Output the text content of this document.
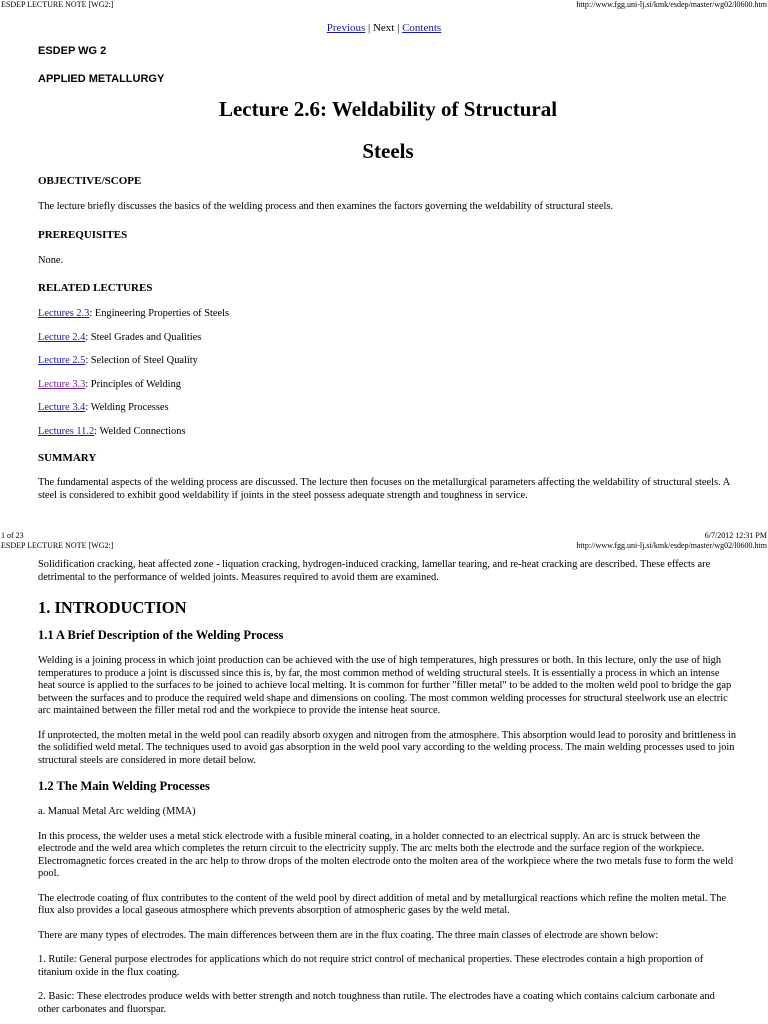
ESDEP LECTURE NOTE [WG2:]	http://www.fgg.uni-lj.si/kmk/esdep/master/wg02/l0600.htm
Previous | Next | Contents
ESDEP WG 2
APPLIED METALLURGY
Lecture 2.6: Weldability of Structural
Steels
OBJECTIVE/SCOPE

The lecture briefly discusses the basics of the welding process and then examines the factors governing the weldability of structural steels.

PREREQUISITES

None.

RELATED LECTURES
Lectures 2.3: Engineering Properties of Steels
Lecture 2.4: Steel Grades and Qualities
Lecture 2.5: Selection of Steel Quality
Lecture 3.3: Principles of Welding
Lecture 3.4: Welding Processes
Lectures 11.2: Welded Connections
SUMMARY

The fundamental aspects of the welding process are discussed. The lecture then focuses on the metallurgical parameters affecting the weldability of structural steels. A steel is considered to exhibit good weldability if joints in the steel possess adequate strength and toughness in service.

1 of 23	6/7/2012 12:31 PM
ESDEP LECTURE NOTE [WG2:]	http://www.fgg.uni-lj.si/kmk/esdep/master/wg02/l0600.htm

Solidification cracking, heat affected zone - liquation cracking, hydrogen-induced cracking, lamellar tearing, and re-heat cracking are described. These effects are detrimental to the performance of welded joints. Measures required to avoid them are examined.

1. INTRODUCTION
1.1 A Brief Description of the Welding Process

Welding is a joining process in which joint production can be achieved with the use of high temperatures, high pressures or both. In this lecture, only the use of high temperatures to produce a joint is discussed since this is, by far, the most common method of welding structural steels. It is essentially a process in which an intense heat source is applied to the surfaces to be joined to achieve local melting. It is common for further "filler metal" to be added to the molten weld pool to bridge the gap between the surfaces and to produce the required weld shape and dimensions on cooling. The most common welding processes for structural steelwork use an electric arc maintained between the filler metal rod and the workpiece to provide the intense heat source.

If unprotected, the molten metal in the weld pool can readily absorb oxygen and nitrogen from the atmosphere. This absorption would lead to porosity and brittleness in the solidified weld metal. The techniques used to avoid gas absorption in the weld pool vary according to the welding process. The main welding processes used to join structural steels are considered in more detail below.

1.2 The Main Welding Processes

a. Manual Metal Arc welding (MMA)

In this process, the welder uses a metal stick electrode with a fusible mineral coating, in a holder connected to an electrical supply. An arc is struck between the electrode and the weld area which completes the return circuit to the electricity supply. The arc melts both the electrode and the surface region of the workpiece. Electromagnetic forces created in the arc help to throw drops of the molten electrode onto the molten area of the workpiece where the two metals fuse to form the weld pool.

The electrode coating of flux contributes to the content of the weld pool by direct addition of metal and by metallurgical reactions which refine the molten metal. The flux also provides a local gaseous atmosphere which prevents absorption of atmospheric gases by the weld metal.

There are many types of electrodes. The main differences between them are in the flux coating. The three main classes of electrode are shown below:

1. Rutile: General purpose electrodes for applications which do not require strict control of mechanical properties. These electrodes contain a high proportion of titanium oxide in the flux coating.

2. Basic: These electrodes produce welds with better strength and notch toughness than rutile. The electrodes have a coating which contains calcium carbonate and other carbonates and fluorspar.
